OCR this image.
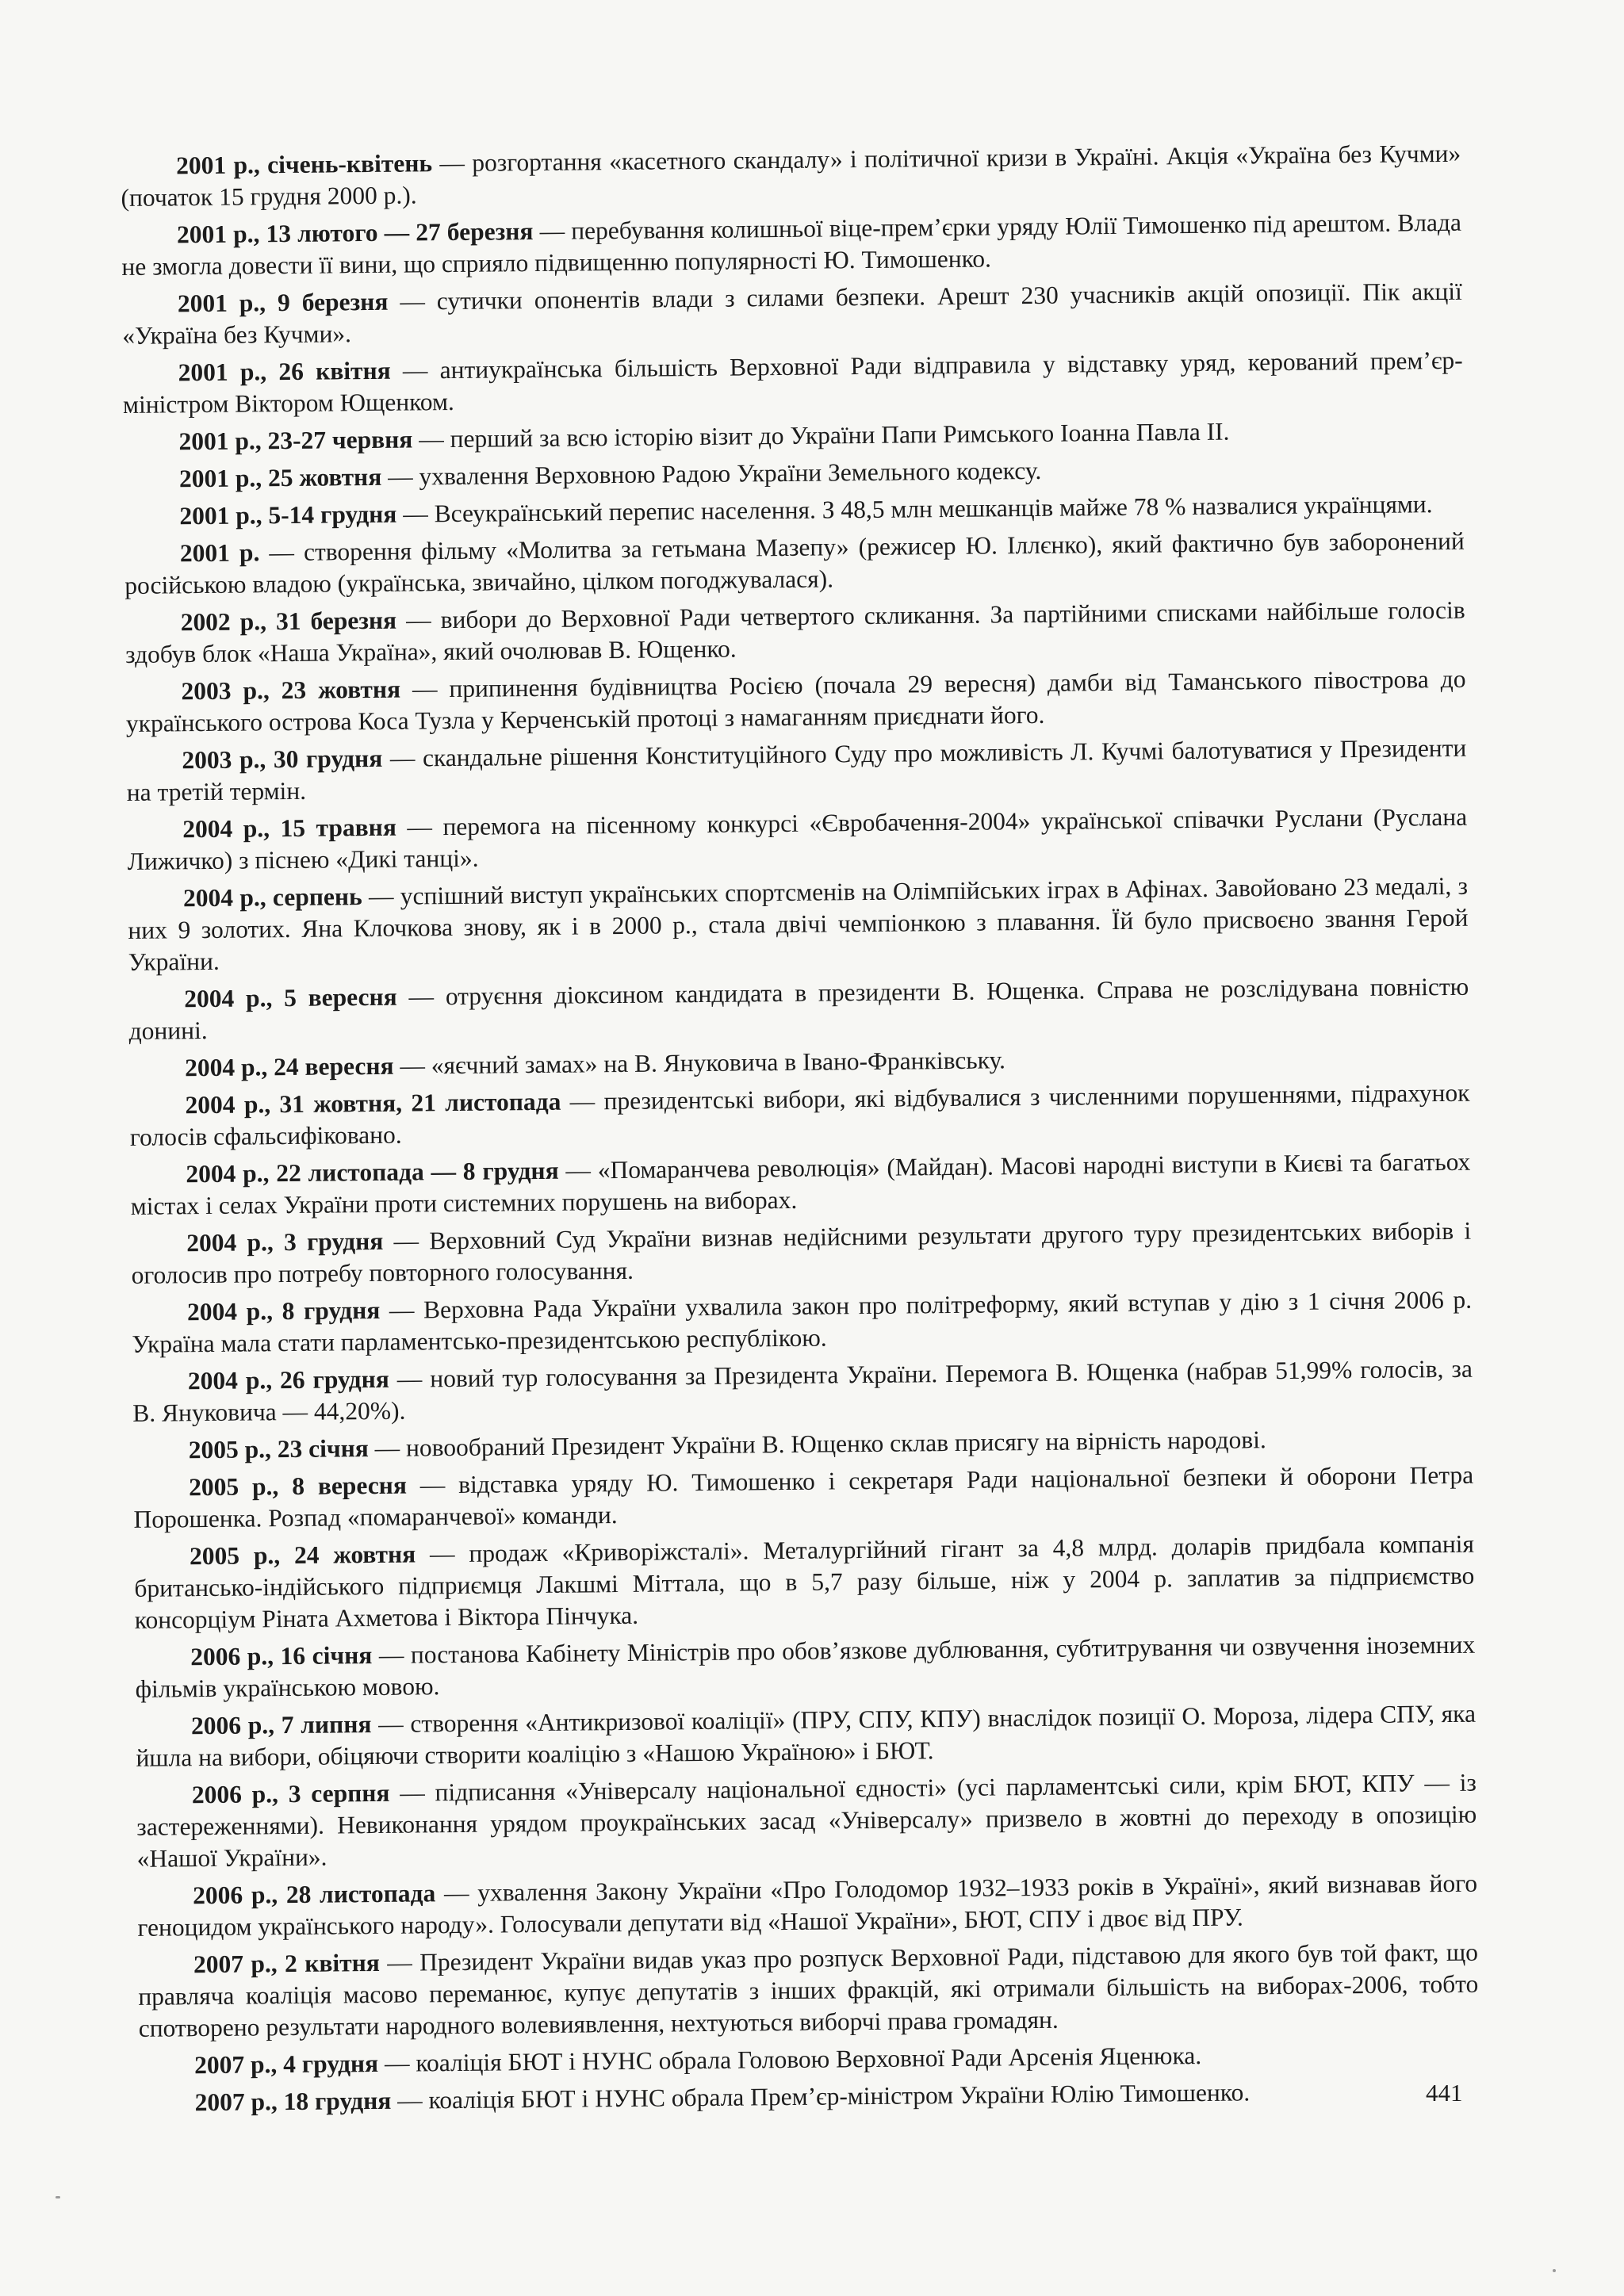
2001 р., січень-квітень — розгортання «касетного скандалу» і політичної кризи в Україні. Акція «Україна без Кучми» (початок 15 грудня 2000 р.).

2001 р., 13 лютого — 27 березня — перебування колишньої віце-прем’єрки уряду Юлії Тимошенко під арештом. Влада не змогла довести її вини, що сприяло підвищенню популярності Ю. Тимошенко.

2001 р., 9 березня — сутички опонентів влади з силами безпеки. Арешт 230 учасників акцій опозиції. Пік акції «Україна без Кучми».

2001 р., 26 квітня — антиукраїнська більшість Верховної Ради відправила у відставку уряд, керований прем’єр-міністром Віктором Ющенком.

2001 р., 23-27 червня — перший за всю історію візит до України Папи Римського Іоанна Павла II.

2001 р., 25 жовтня — ухвалення Верховною Радою України Земельного кодексу.

2001 р., 5-14 грудня — Всеукраїнський перепис населення. З 48,5 млн мешканців майже 78 % назвалися українцями.

2001 р. — створення фільму «Молитва за гетьмана Мазепу» (режисер Ю. Іллєнко), який фактично був заборонений російською владою (українська, звичайно, цілком погоджувалася).

2002 р., 31 березня — вибори до Верховної Ради четвертого скликання. За партійними списками найбільше голосів здобув блок «Наша Україна», який очолював В. Ющенко.

2003 р., 23 жовтня — припинення будівництва Росією (почала 29 вересня) дамби від Таманського півострова до українського острова Коса Тузла у Керченській протоці з намаганням приєднати його.

2003 р., 30 грудня — скандальне рішення Конституційного Суду про можливість Л. Кучмі балотуватися у Президенти на третій термін.

2004 р., 15 травня — перемога на пісенному конкурсі «Євробачення-2004» української співачки Руслани (Руслана Лижичко) з піснею «Дикі танці».

2004 р., серпень — успішний виступ українських спортсменів на Олімпійських іграх в Афінах. Завойовано 23 медалі, з них 9 золотих. Яна Клочкова знову, як і в 2000 р., стала двічі чемпіонкою з плавання. Їй було присвоєно звання Герой України.

2004 р., 5 вересня — отруєння діоксином кандидата в президенти В. Ющенка. Справа не розслідувана повністю донині.

2004 р., 24 вересня — «яєчний замах» на В. Януковича в Івано-Франківську.

2004 р., 31 жовтня, 21 листопада — президентські вибори, які відбувалися з численними порушеннями, підрахунок голосів сфальсифіковано.

2004 р., 22 листопада — 8 грудня — «Помаранчева революція» (Майдан). Масові народні виступи в Києві та багатьох містах і селах України проти системних порушень на виборах.

2004 р., 3 грудня — Верховний Суд України визнав недійсними результати другого туру президентських виборів і оголосив про потребу повторного голосування.

2004 р., 8 грудня — Верховна Рада України ухвалила закон про політреформу, який вступав у дію з 1 січня 2006 р. Україна мала стати парламентсько-президентською республікою.

2004 р., 26 грудня — новий тур голосування за Президента України. Перемога В. Ющенка (набрав 51,99% голосів, за В. Януковича — 44,20%).

2005 р., 23 січня — новообраний Президент України В. Ющенко склав присягу на вірність народові.

2005 р., 8 вересня — відставка уряду Ю. Тимошенко і секретаря Ради національної безпеки й оборони Петра Порошенка. Розпад «помаранчевої» команди.

2005 р., 24 жовтня — продаж «Криворіжсталі». Металургійний гігант за 4,8 млрд. доларів придбала компанія британсько-індійського підприємця Лакшмі Міттала, що в 5,7 разу більше, ніж у 2004 р. заплатив за підприємство консорціум Ріната Ахметова і Віктора Пінчука.

2006 р., 16 січня — постанова Кабінету Міністрів про обов’язкове дублювання, субтитрування чи озвучення іноземних фільмів українською мовою.

2006 р., 7 липня — створення «Антикризової коаліції» (ПРУ, СПУ, КПУ) внаслідок позиції О. Мороза, лідера СПУ, яка йшла на вибори, обіцяючи створити коаліцію з «Нашою Україною» і БЮТ.

2006 р., 3 серпня — підписання «Універсалу національної єдності» (усі парламентські сили, крім БЮТ, КПУ — із застереженнями). Невиконання урядом проукраїнських засад «Універсалу» призвело в жовтні до переходу в опозицію «Нашої України».

2006 р., 28 листопада — ухвалення Закону України «Про Голодомор 1932–1933 років в Україні», який визнавав його геноцидом українського народу». Голосували депутати від «Нашої України», БЮТ, СПУ і двоє від ПРУ.

2007 р., 2 квітня — Президент України видав указ про розпуск Верховної Ради, підставою для якого був той факт, що правляча коаліція масово переманює, купує депутатів з інших фракцій, які отримали більшість на виборах-2006, тобто спотворено результати народного волевиявлення, нехтуються виборчі права громадян.

2007 р., 4 грудня — коаліція БЮТ і НУНС обрала Головою Верховної Ради Арсенія Яценюка.

2007 р., 18 грудня — коаліція БЮТ і НУНС обрала Прем’єр-міністром України Юлію Тимошенко.	441
